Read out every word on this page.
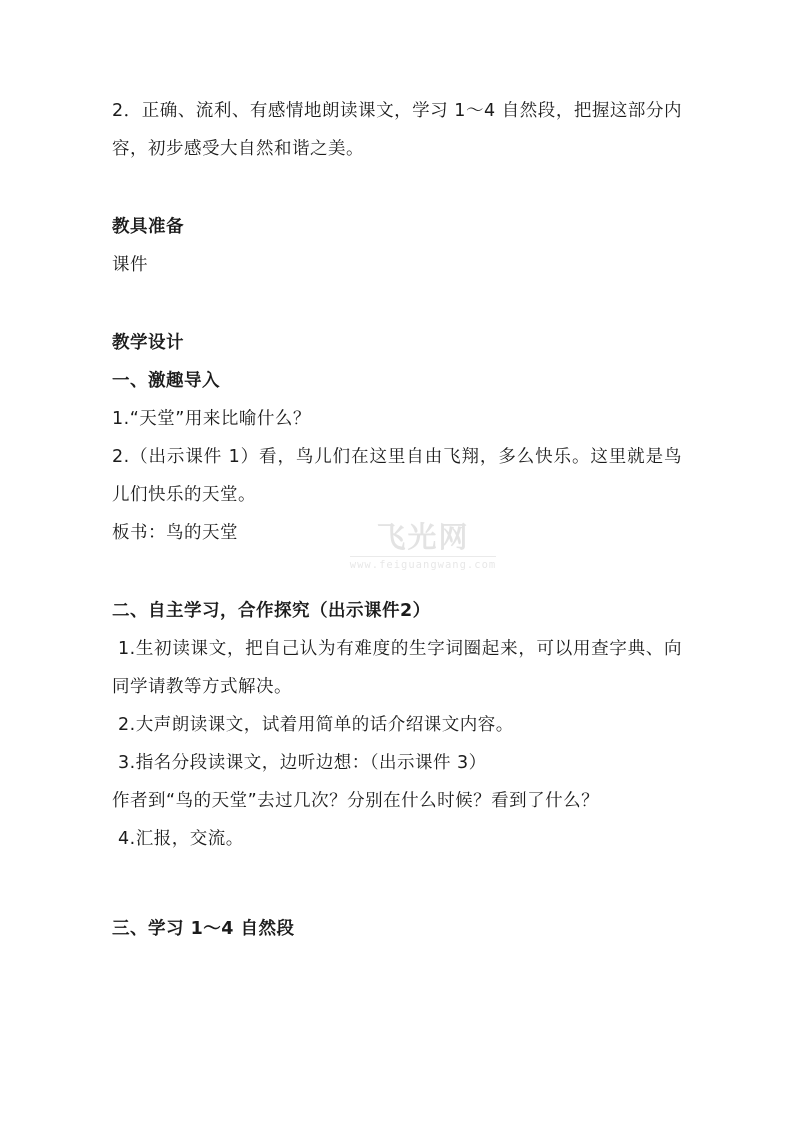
2．正确、流利、有感情地朗读课文，学习 1～4 自然段，把握这部分内容，初步感受大自然和谐之美。

教具准备

课件

教学设计

一、激趣导入

1.“天堂”用来比喻什么？

2.（出示课件 1）看，鸟儿们在这里自由飞翔，多么快乐。这里就是鸟儿们快乐的天堂。

板书：鸟的天堂

二、自主学习，合作探究（出示课件2）

1.生初读课文，把自己认为有难度的生字词圈起来，可以用查字典、向同学请教等方式解决。

2.大声朗读课文，试着用简单的话介绍课文内容。

3.指名分段读课文，边听边想：（出示课件 3）

作者到“鸟的天堂”去过几次？分别在什么时候？看到了什么？

4.汇报，交流。

三、学习 1～4 自然段

飞光网
www.feiguangwang.com
